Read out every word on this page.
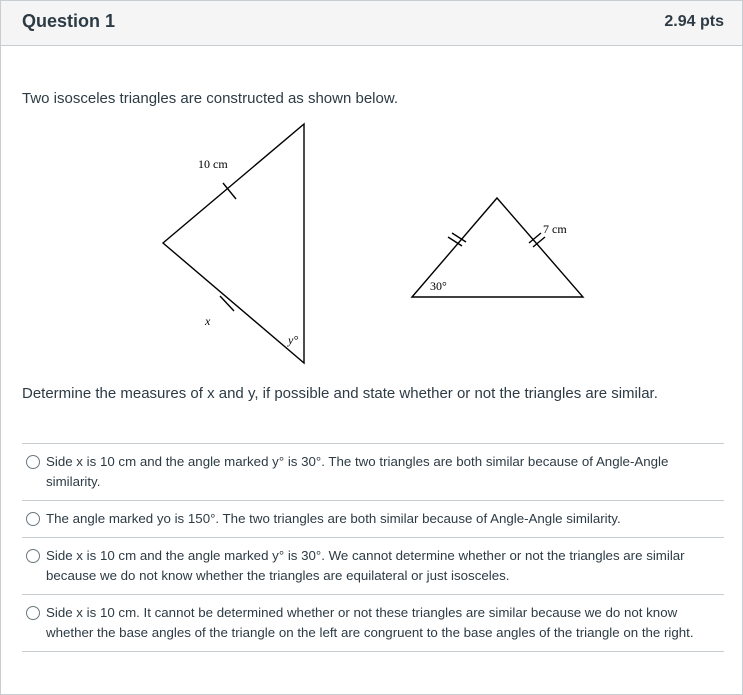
Question 1	2.94 pts
Two isosceles triangles are constructed as shown below.
10 cm
x
y°
7 cm
30°
Determine the measures of x and y, if possible and state whether or not the triangles are similar.
Side x is 10 cm and the angle marked y° is 30°. The two triangles are both similar because of Angle-Angle similarity.
The angle marked yo is 150°. The two triangles are both similar because of Angle-Angle similarity.
Side x is 10 cm and the angle marked y° is 30°. We cannot determine whether or not the triangles are similar because we do not know whether the triangles are equilateral or just isosceles.
Side x is 10 cm. It cannot be determined whether or not these triangles are similar because we do not know whether the base angles of the triangle on the left are congruent to the base angles of the triangle on the right.
